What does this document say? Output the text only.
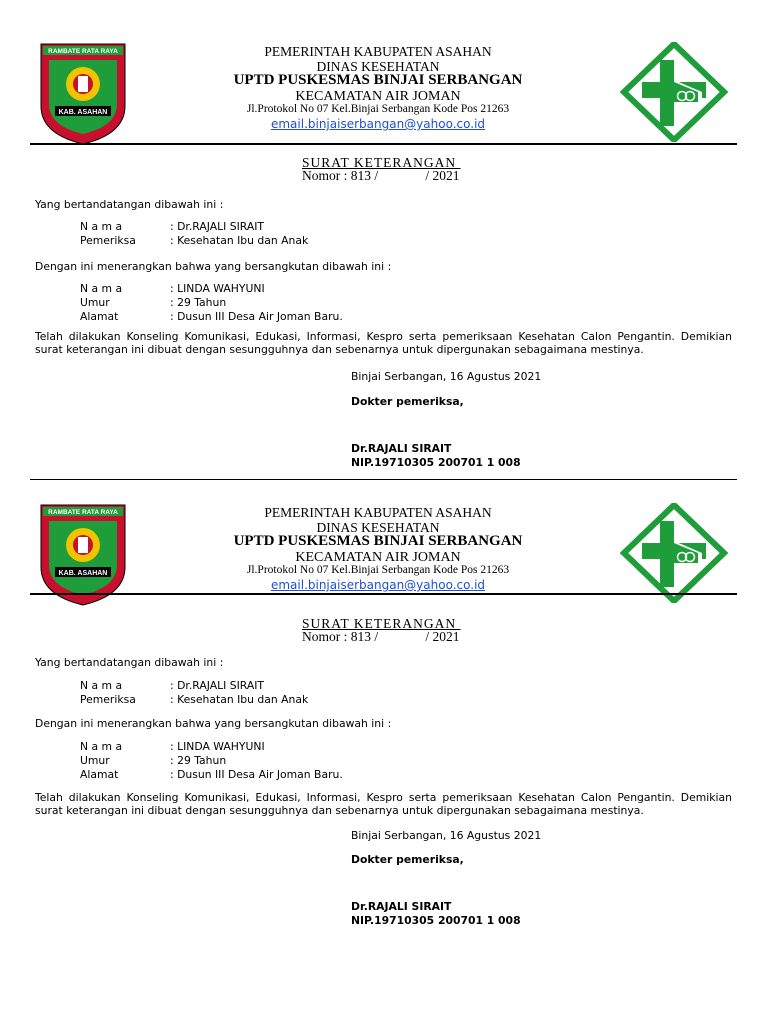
RAMBATE RATA RAYA
KAB. ASAHAN
PEMERINTAH KABUPATEN ASAHAN
DINAS KESEHATAN
UPTD PUSKESMAS BINJAI SERBANGAN
KECAMATAN AIR JOMAN
Jl.Protokol No 07 Kel.Binjai Serbangan Kode Pos 21263
email.binjaiserbangan@yahoo.co.id
SURAT KETERANGAN
Nomor : 813 /              / 2021
Yang bertandatangan dibawah ini :
N a m a	: Dr.RAJALI SIRAIT
Pemeriksa	: Kesehatan Ibu dan Anak
Dengan ini menerangkan bahwa yang bersangkutan dibawah ini :
N a m a	: LINDA WAHYUNI
Umur	: 29 Tahun
Alamat	: Dusun III Desa Air Joman Baru.
Telah dilakukan Konseling Komunikasi, Edukasi, Informasi, Kespro serta pemeriksaan Kesehatan Calon Pengantin. Demikian surat keterangan ini dibuat dengan sesungguhnya dan sebenarnya untuk dipergunakan sebagaimana mestinya.
Binjai Serbangan, 16 Agustus 2021
Dokter pemeriksa,
Dr.RAJALI SIRAIT
NIP.19710305 200701 1 008
RAMBATE RATA RAYA
KAB. ASAHAN
PEMERINTAH KABUPATEN ASAHAN
DINAS KESEHATAN
UPTD PUSKESMAS BINJAI SERBANGAN
KECAMATAN AIR JOMAN
Jl.Protokol No 07 Kel.Binjai Serbangan Kode Pos 21263
email.binjaiserbangan@yahoo.co.id
SURAT KETERANGAN
Nomor : 813 /              / 2021
Yang bertandatangan dibawah ini :
N a m a	: Dr.RAJALI SIRAIT
Pemeriksa	: Kesehatan Ibu dan Anak
Dengan ini menerangkan bahwa yang bersangkutan dibawah ini :
N a m a	: LINDA WAHYUNI
Umur	: 29 Tahun
Alamat	: Dusun III Desa Air Joman Baru.
Telah dilakukan Konseling Komunikasi, Edukasi, Informasi, Kespro serta pemeriksaan Kesehatan Calon Pengantin. Demikian surat keterangan ini dibuat dengan sesungguhnya dan sebenarnya untuk dipergunakan sebagaimana mestinya.
Binjai Serbangan, 16 Agustus 2021
Dokter pemeriksa,
Dr.RAJALI SIRAIT
NIP.19710305 200701 1 008
